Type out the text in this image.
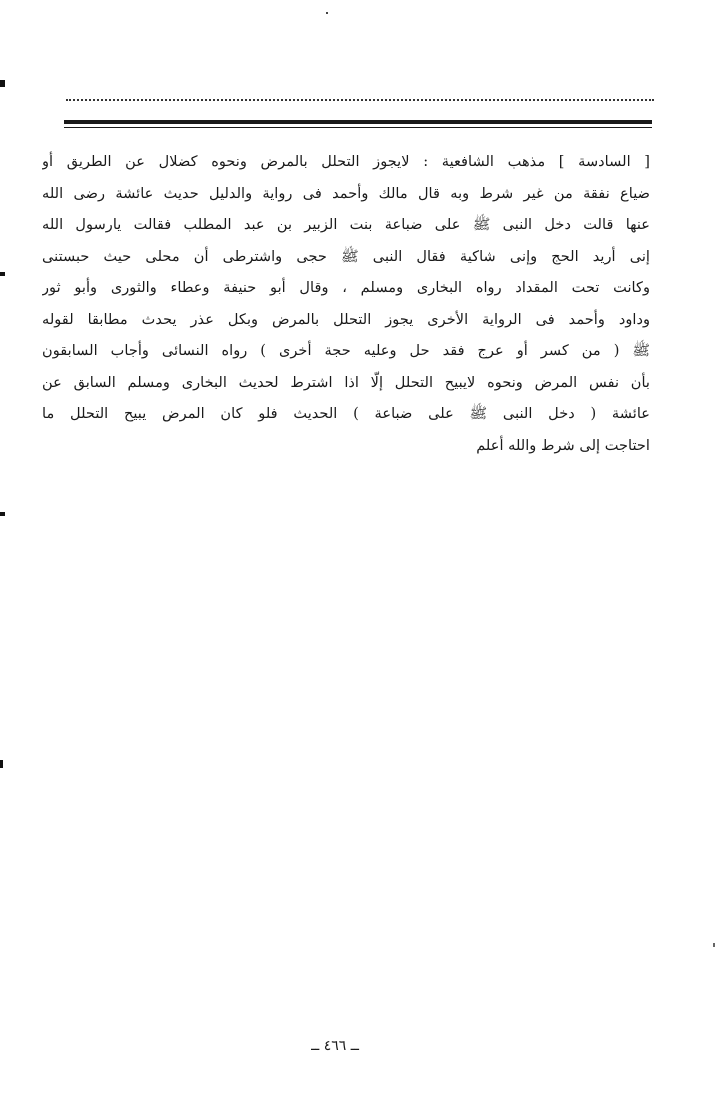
[ السادسة ] مذهب الشافعية : لايجوز التحلل بالمرض ونحوه كضلال عن الطريق أو
ضياع نفقة من غير شرط وبه قال مالك وأحمد فى رواية والدليل حديث عائشة رضى الله
عنها قالت دخل النبى ﷺ على ضباعة بنت الزبير بن عبد المطلب فقالت يارسول الله
إنى أريد الحج وإنى شاكية فقال النبى ﷺ حجى واشترطى أن محلى حيث حبستنى
وكانت تحت المقداد رواه البخارى ومسلم ، وقال أبو حنيفة وعطاء والثورى وأبو ثور
وداود وأحمد فى الرواية الأخرى يجوز التحلل بالمرض وبكل عذر يحدث مطابقا لقوله
ﷺ ( من كسر أو عرج فقد حل وعليه حجة أخرى ) رواه النسائى وأجاب السابقون
بأن نفس المرض ونحوه لايبيح التحلل إلّا اذا اشترط لحديث البخارى ومسلم السابق عن
عائشة ( دخل النبى ﷺ على ضباعة ) الحديث فلو كان المرض يبيح التحلل ما
احتاجت إلى شرط والله أعلم
ــ ٤٦٦ ــ
